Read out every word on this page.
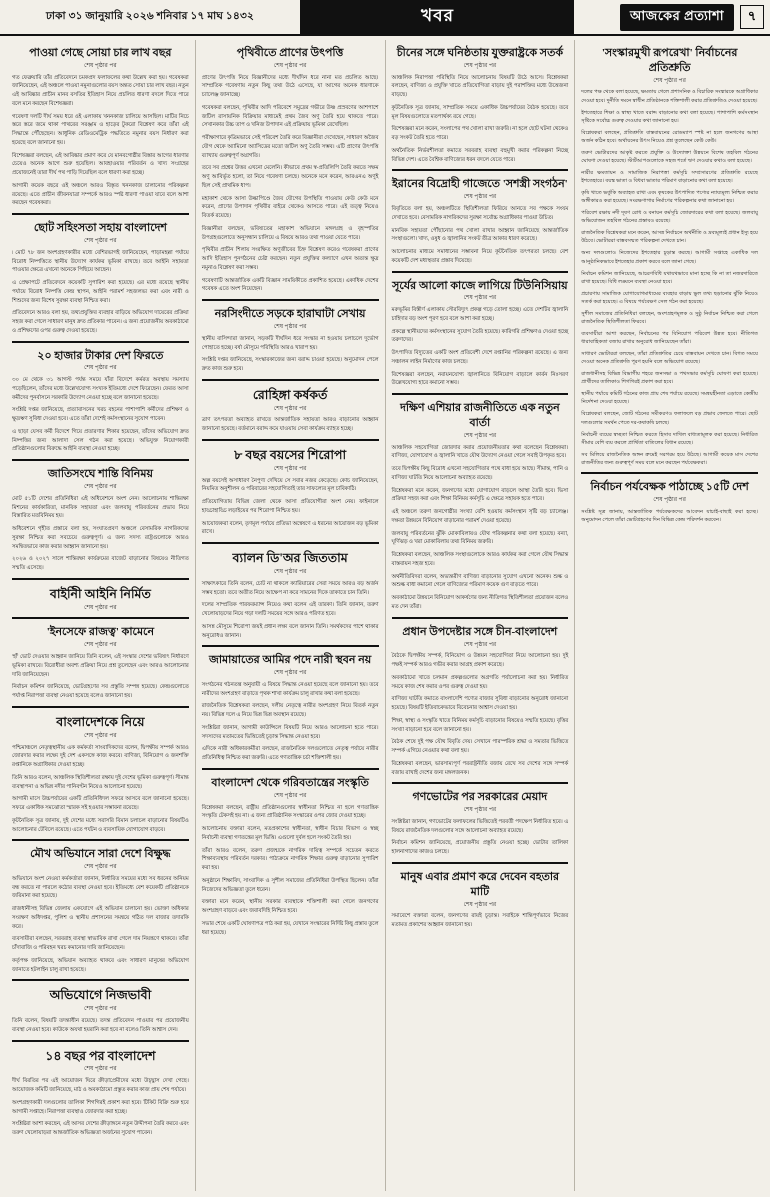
ঢাকা ৩১ জানুয়ারি ২০২৬ শনিবার ১৭ মাঘ ১৪৩২	খবর	আজকের প্রত্যাশা	৭
পাওয়া গেছে সোয়া চার লাখ বছর
শেষ পৃষ্ঠার পর

গত ফেব্রুয়ারি তাঁর প্রতিবেদনে চমকপ্রদ ফলাফলের কথা উল্লেখ করা হয়। গবেষকরা জানিয়েছেন, এই অঞ্চলে পাওয়া নমুনাগুলোর বয়স অন্তত সোয়া চার লাখ বছর। নতুন এই আবিষ্কার প্রাচীন মানব বসতির ইতিহাস নিয়ে প্রচলিত ধারণা বদলে দিতে পারে বলে মনে করছেন বিশেষজ্ঞরা।

গবেষণা দলটি দীর্ঘ সময় ধরে ওই এলাকায় খননকাজ চালিয়ে আসছিল। মাটির নিচে স্তরে স্তরে জমে থাকা পাথরের সরঞ্জাম ও হাড়ের টুকরো বিশ্লেষণ করে তাঁরা এই সিদ্ধান্তে পৌঁছেছেন। আধুনিক রেডিওমেট্রিক পদ্ধতিতে নমুনার বয়স নির্ধারণ করা হয়েছে বলে জানানো হয়।

বিশেষজ্ঞরা বলছেন, এই আবিষ্কার প্রমাণ করে যে মানবগোষ্ঠীর বিস্তার আগের ধারণার চেয়েও অনেক আগে শুরু হয়েছিল। আবহাওয়ার পরিবর্তন ও খাদ্য সংগ্রহের প্রয়োজনেই তারা দীর্ঘ পথ পাড়ি দিয়েছিল বলে ধারণা করা হচ্ছে।

আগামী কয়েক বছরে ওই অঞ্চলে আরও বিস্তৃত খননকাজ চালানোর পরিকল্পনা রয়েছে। এতে প্রাচীন জীবনযাত্রা সম্পর্কে আরও স্পষ্ট ধারণা পাওয়া যাবে বলে আশা করছেন গবেষকরা।

ছোট সহিংসতা সহায় বাংলাদেশ
শেষ পৃষ্ঠার পর

৷ মোট ৭৮ জন অংশগ্রহণকারীর মধ্যে বেশিরভাগই জানিয়েছেন, পাড়ামহল্লা পর্যায়ে বিরোধ নিষ্পত্তিতে স্থানীয় উদ্যোগ কার্যকর ভূমিকা রাখছে। তবে আইনি সহায়তা পাওয়ার ক্ষেত্রে এখনো অনেকে পিছিয়ে আছেন।

এ প্রেক্ষাপটে প্রতিবেদনে কয়েকটি সুপারিশ করা হয়েছে। এর মধ্যে রয়েছে স্থানীয় পর্যায়ে বিরোধ নিষ্পত্তি কেন্দ্র স্থাপন, আইনি পরামর্শ সহজলভ্য করা এবং নারী ও শিশুদের জন্য বিশেষ সুরক্ষা ব্যবস্থা নিশ্চিত করা।

প্রতিবেদনে আরও বলা হয়, তথ্যপ্রযুক্তির ব্যবহার বাড়িয়ে অভিযোগ দায়েরের প্রক্রিয়া সহজ করা গেলে সাধারণ মানুষ দ্রুত প্রতিকার পাবেন। এ জন্য প্রয়োজনীয় অবকাঠামো ও প্রশিক্ষণের ওপর গুরুত্ব দেওয়া হয়েছে।

২০ হাজার টাকার দেশ ফিরতে
শেষ পৃষ্ঠার পর

৩০ মে থেকে ৩১ আগস্ট পর্যন্ত সময়ে যাঁরা বিদেশে কর্মরত অবস্থায় সমস্যায় পড়েছিলেন, তাঁদের মধ্যে উল্লেখযোগ্য সংখ্যক ইতিমধ্যে দেশে ফিরেছেন। ফেরত আসা কর্মীদের পুনর্বাসনে সরকারি উদ্যোগ নেওয়া হচ্ছে বলে জানানো হয়েছে।

সংশ্লিষ্ট দপ্তর জানিয়েছে, প্রত্যাবাসনের খরচ বহনের পাশাপাশি কর্মীদের প্রশিক্ষণ ও ক্ষুদ্রঋণ সুবিধা দেওয়া হবে। এতে তাঁরা দেশেই কর্মসংস্থানের সুযোগ পাবেন।

এ ছাড়া যেসব কর্মী বিদেশে গিয়ে প্রতারণার শিকার হয়েছেন, তাঁদের অভিযোগ দ্রুত নিষ্পত্তির জন্য আলাদা সেল গঠন করা হয়েছে। অভিযুক্ত নিয়োগকারী প্রতিষ্ঠানগুলোর বিরুদ্ধে আইনি ব্যবস্থা নেওয়া হচ্ছে।

জাতিসংঘে শান্তি বিনিময়
শেষ পৃষ্ঠার পর

মোট ৫১টি দেশের প্রতিনিধিরা এই অধিবেশনে অংশ নেন। আলোচনায় শান্তিরক্ষা মিশনের কার্যকারিতা, মানবিক সহায়তা এবং জলবায়ু পরিবর্তনের প্রভাব নিয়ে বিস্তারিত মতবিনিময় হয়।

অধিবেশনে গৃহীত প্রস্তাবে বলা হয়, সংঘাতপ্রবণ অঞ্চলে বেসামরিক নাগরিকদের সুরক্ষা নিশ্চিত করা সবচেয়ে গুরুত্বপূর্ণ। এ জন্য সদস্য রাষ্ট্রগুলোকে আরও সমন্বিতভাবে কাজ করার আহ্বান জানানো হয়।

২০২৬ ও ২০২৭ সালে শান্তিরক্ষা কার্যক্রমের বাজেট বাড়ানোর বিষয়েও নীতিগত সম্মতি এসেছে।

বাইনিী আইনি নির্মিত
শেষ পৃষ্ঠার পর
'ইনসেফে রাজত্ব' কামেনে
শেষ পৃষ্ঠার পর

'হাঁ' ভোট দেওয়ার আহ্বান জানিয়ে তিনি বলেন, এই সংস্কার দেশের ভবিষ্যৎ নির্ধারণে ভূমিকা রাখবে। বিরোধীরা অবশ্য প্রক্রিয়া নিয়ে প্রশ্ন তুলেছেন এবং আরও আলোচনার দাবি জানিয়েছেন।

নির্বাচন কমিশন জানিয়েছে, ভোটগ্রহণের সব প্রস্তুতি সম্পন্ন হয়েছে। কেন্দ্রগুলোতে পর্যাপ্ত নিরাপত্তা ব্যবস্থা নেওয়া হয়েছে বলেও জানানো হয়।

বাংলাদেশকে নিয়ে
শেষ পৃষ্ঠার পর

পশ্চিমাঞ্চলে নেতৃত্বস্থানীয় এক কর্মকর্তা সাংবাদিকদের বলেন, দ্বিপক্ষীয় সম্পর্ক আরও জোরদার করার লক্ষ্যে দুই দেশ একসঙ্গে কাজ করবে। বাণিজ্য, বিনিয়োগ ও জনশক্তি রপ্তানিকে অগ্রাধিকার দেওয়া হচ্ছে।

তিনি আরও বলেন, আঞ্চলিক স্থিতিশীলতা রক্ষায় দুই দেশের ভূমিকা গুরুত্বপূর্ণ। সীমান্ত ব্যবস্থাপনা ও অভিন্ন নদীর পানিবণ্টন নিয়েও আলোচনা হয়েছে।

আগামী মাসে উচ্চপর্যায়ের একটি প্রতিনিধিদল সফরে আসবে বলে জানানো হয়েছে। সফরে একাধিক সমঝোতা স্মারক সই হওয়ার সম্ভাবনা রয়েছে।

কূটনৈতিক সূত্র জানায়, দুই দেশের মধ্যে সরাসরি বিমান চলাচল বাড়ানোর বিষয়টিও আলোচনার টেবিলে রয়েছে। এতে পর্যটন ও ব্যবসায়িক যোগাযোগ বাড়বে।

মৌখ অভিযানে সারা দেশে বিক্ষুদ্ধ
শেষ পৃষ্ঠার পর

অভিযানে অংশ নেওয়া কর্মকর্তারা জানান, নির্ধারিত সময়ের মধ্যে সব ধরনের অনিয়ম বন্ধ করতে না পারলে কঠোর ব্যবস্থা নেওয়া হবে। ইতিমধ্যে বেশ কয়েকটি প্রতিষ্ঠানকে জরিমানা করা হয়েছে।

রাজধানীসহ বিভিন্ন জেলায় একযোগে এই অভিযান চালানো হয়। ভোক্তা অধিকার সংরক্ষণ অধিদপ্তর, পুলিশ ও স্থানীয় প্রশাসনের সমন্বয়ে গঠিত দল বাজার তদারকি করে।

ব্যবসায়ীরা বলছেন, সরবরাহ ব্যবস্থা স্বাভাবিক রাখা গেলে দাম নিয়ন্ত্রণে থাকবে। তাঁরা চাঁদাবাজি ও পরিবহন খরচ কমানোর দাবি জানিয়েছেন।

কর্তৃপক্ষ জানিয়েছে, অভিযান অব্যাহত থাকবে এবং সাধারণ মানুষের অভিযোগ জানাতে হটলাইন চালু রাখা হয়েছে।

অভিযোগে নিজভাবী
শেষ পৃষ্ঠার পর

তিনি বলেন, বিষয়টি তদন্তাধীন রয়েছে। তদন্ত প্রতিবেদন পাওয়ার পর প্রয়োজনীয় ব্যবস্থা নেওয়া হবে। কাউকে অযথা হয়রানি করা হবে না বলেও তিনি আশ্বাস দেন।

১৪ বছর পর বাংলাদেশ
শেষ পৃষ্ঠার পর

দীর্ঘ বিরতির পর এই আয়োজন ঘিরে ক্রীড়াপ্রেমীদের মধ্যে উচ্ছ্বাস দেখা গেছে। আয়োজক কমিটি জানিয়েছে, মাঠ ও অবকাঠামো প্রস্তুত করার কাজ প্রায় শেষ পর্যায়ে।

অংশগ্রহণকারী দলগুলোর তালিকা শিগগিরই প্রকাশ করা হবে। টিকিট বিক্রি শুরু হবে আগামী সপ্তাহে। নিরাপত্তা ব্যবস্থাও জোরদার করা হচ্ছে।

সংশ্লিষ্টরা আশা করছেন, এই আসর দেশের ক্রীড়াঙ্গনে নতুন উদ্দীপনা তৈরি করবে এবং তরুণ খেলোয়াড়রা আন্তর্জাতিক অভিজ্ঞতা অর্জনের সুযোগ পাবেন।

পৃথিবীতে প্রাণের উৎপত্তি
শেষ পৃষ্ঠার পর

প্রাণের উৎপত্তি নিয়ে বিজ্ঞানীদের মধ্যে দীর্ঘদিন ধরে নানা মত প্রচলিত আছে। সাম্প্রতিক গবেষণায় নতুন কিছু তথ্য উঠে এসেছে, যা আগের অনেক ধারণাকে চ্যালেঞ্জ জানাচ্ছে।

গবেষকরা বলছেন, পৃথিবীর আদি পরিবেশে সমুদ্রের গভীরে উষ্ণ প্রস্রবণের আশপাশে জটিল রাসায়নিক বিক্রিয়ার মাধ্যমেই প্রথম জৈব অণু তৈরি হয়ে থাকতে পারে। সেখানকার উচ্চ তাপ ও খনিজ উপাদান এই প্রক্রিয়ায় ভূমিকা রেখেছিল।

পরীক্ষাগারে কৃত্রিমভাবে সেই পরিবেশ তৈরি করে বিজ্ঞানীরা দেখেছেন, সাধারণ অজৈব যৌগ থেকে অ্যামিনো অ্যাসিডের মতো জটিল অণু তৈরি সম্ভব। এটি প্রাণের উৎপত্তি ব্যাখ্যায় গুরুত্বপূর্ণ অগ্রগতি।

তবে সব প্রশ্নের উত্তর এখনো মেলেনি। কীভাবে প্রথম স্ব-প্রতিলিপি তৈরি করতে সক্ষম অণু আবির্ভূত হলো, তা নিয়ে গবেষণা চলছে। অনেকে মনে করেন, আরএনএ অণুই ছিল সেই প্রাথমিক ধাপ।

মহাকাশ থেকে আসা উল্কাপিণ্ডে জৈব যৌগের উপস্থিতি পাওয়ায় কেউ কেউ মনে করেন, প্রাণের উপাদান পৃথিবীর বাইরে থেকেও আসতে পারে। এই তত্ত্ব নিয়েও বিতর্ক রয়েছে।

বিজ্ঞানীরা বলছেন, ভবিষ্যতের মহাকাশ অভিযানে মঙ্গলগ্রহ ও বৃহস্পতির উপগ্রহগুলোতে অনুসন্ধান চালিয়ে এ বিষয়ে আরও তথ্য পাওয়া যেতে পারে।

পৃথিবীর প্রাচীন শিলায় সংরক্ষিত অণুজীবের চিহ্ন বিশ্লেষণ করেও গবেষকরা প্রাণের আদি ইতিহাস পুনর্গঠনের চেষ্টা করছেন। নতুন প্রযুক্তির কল্যাণে এখন অত্যন্ত ক্ষুদ্র নমুনাও বিশ্লেষণ করা সম্ভব।

গবেষণাটি আন্তর্জাতিক একটি বিজ্ঞান সাময়িকীতে প্রকাশিত হয়েছে। একাধিক দেশের গবেষক এতে অংশ নিয়েছেন।

নরসিংদীতে সড়কে হারাঘাটা সেখায়
শেষ পৃষ্ঠার পর

স্থানীয় বাসিন্দারা জানান, সড়কটি দীর্ঘদিন ধরে সংস্কার না হওয়ায় চলাচলে দুর্ভোগ পোহাতে হচ্ছে। বর্ষা মৌসুমে পরিস্থিতি আরও খারাপ হয়।

সংশ্লিষ্ট দপ্তর জানিয়েছে, সংস্কারকাজের জন্য বরাদ্দ চাওয়া হয়েছে। অনুমোদন পেলে দ্রুত কাজ শুরু হবে।

রোহিঙ্গা কৰ্ষকর্ত
শেষ পৃষ্ঠার পর

ত্রাণ তৎপরতা অব্যাহত রাখতে আন্তর্জাতিক সহায়তা আরও বাড়ানোর আহ্বান জানানো হয়েছে। বর্তমানে বরাদ্দ কমে যাওয়ায় সেবা কার্যক্রম ব্যাহত হচ্ছে।

৮ বছর বয়সের শিরোপা
শেষ পৃষ্ঠার পর

অল্প বয়সেই অসাধারণ নৈপুণ্য দেখিয়ে সে সবার নজর কেড়েছে। কোচ জানিয়েছেন, নিয়মিত অনুশীলন ও পরিবারের সহযোগিতাই তার সাফল্যের মূল চাবিকাঠি।

প্রতিযোগিতায় বিভিন্ন জেলা থেকে আসা প্রতিযোগীরা অংশ নেয়। ফাইনালে হাড্ডাহাড্ডি লড়াইয়ের পর শিরোপা নিশ্চিত হয়।

আয়োজকরা বলেন, তৃণমূল পর্যায়ে প্রতিভা অন্বেষণে এ ধরনের আয়োজন বড় ভূমিকা রাখে।

ব্যালন ডি'অর জিততাম
শেষ পৃষ্ঠার পর

সাক্ষাৎকারে তিনি বলেন, চোট না থাকলে ক্যারিয়ারের সেরা সময়ে আরও বড় অর্জন সম্ভব হতো। তবে অতীত নিয়ে আক্ষেপ না করে সামনের দিকে তাকাতে চান তিনি।

দলের সাম্প্রতিক পারফরম্যান্স নিয়েও কথা বলেন এই তারকা। তিনি জানান, তরুণ খেলোয়াড়দের নিয়ে গড়া দলটি সময়ের সঙ্গে আরও পরিণত হবে।

আসন্ন মৌসুমে শিরোপা জয়ই প্রধান লক্ষ্য বলে জানান তিনি। সমর্থকদের পাশে থাকার অনুরোধও জানান।

জামায়াতের আমির পদে নারী স্থবন নয়
শেষ পৃষ্ঠার পর

সংগঠনের গঠনতন্ত্র অনুযায়ী এ বিষয়ে সিদ্ধান্ত নেওয়া হয়েছে বলে জানানো হয়। তবে নারীদের অংশগ্রহণ বাড়াতে পৃথক শাখা কার্যক্রম চালু রাখার কথা বলা হয়েছে।

রাজনৈতিক বিশ্লেষকরা বলছেন, দলীয় নেতৃত্বে নারীর অংশগ্রহণ নিয়ে বিতর্ক নতুন নয়। বিভিন্ন দলে এ নিয়ে ভিন্ন ভিন্ন অবস্থান রয়েছে।

সংশ্লিষ্টরা জানান, আগামী কাউন্সিলে বিষয়টি নিয়ে আরও আলোচনা হতে পারে। সদস্যদের মতামতের ভিত্তিতেই চূড়ান্ত সিদ্ধান্ত নেওয়া হবে।

এদিকে নারী অধিকারকর্মীরা বলছেন, রাজনৈতিক দলগুলোতে নেতৃত্ব পর্যায়ে নারীর প্রতিনিধিত্ব নিশ্চিত করা জরুরি। এতে গণতান্ত্রিক চর্চা শক্তিশালী হয়।

বাংলাদেশ থেকে গরিবতান্ত্রের সংস্কৃতি
শেষ পৃষ্ঠার পর

বিশ্লেষকরা বলছেন, রাষ্ট্রীয় প্রতিষ্ঠানগুলোর স্বাধীনতা নিশ্চিত না হলে গণতান্ত্রিক সংস্কৃতি টেকসই হয় না। এ জন্য প্রাতিষ্ঠানিক সংস্কারের ওপর জোর দেওয়া হচ্ছে।

আলোচনায় বক্তারা বলেন, মতপ্রকাশের স্বাধীনতা, স্বাধীন বিচার বিভাগ ও স্বচ্ছ নির্বাচনী ব্যবস্থা গণতন্ত্রের মূল ভিত্তি। এগুলো দুর্বল হলে সংকট তৈরি হয়।

তাঁরা আরও বলেন, তরুণ প্রজন্মকে নাগরিক দায়িত্ব সম্পর্কে সচেতন করতে শিক্ষাব্যবস্থায় পরিবর্তন দরকার। পাঠ্যক্রমে নাগরিক শিক্ষার গুরুত্ব বাড়ানোর সুপারিশ করা হয়।

অনুষ্ঠানে শিক্ষাবিদ, সাংবাদিক ও সুশীল সমাজের প্রতিনিধিরা উপস্থিত ছিলেন। তাঁরা নিজেদের অভিজ্ঞতা তুলে ধরেন।

বক্তারা মনে করেন, স্থানীয় সরকার ব্যবস্থাকে শক্তিশালী করা গেলে জনগণের অংশগ্রহণ বাড়বে এবং জবাবদিহি নিশ্চিত হবে।

সভার শেষে একটি ঘোষণাপত্র পাঠ করা হয়, যেখানে সংস্কারের নির্দিষ্ট কিছু প্রস্তাব তুলে ধরা হয়েছে।

চীনের সঙ্গে ঘনিষ্ঠতায় যুক্তরাষ্ট্রকে সতর্ক
শেষ পৃষ্ঠার পর

আঞ্চলিক নিরাপত্তা পরিস্থিতি নিয়ে আলোচনায় বিষয়টি উঠে আসে। বিশ্লেষকরা বলছেন, বাণিজ্য ও প্রযুক্তি খাতে প্রতিযোগিতা বাড়ায় দুই পরাশক্তির মধ্যে উত্তেজনা বাড়ছে।

কূটনৈতিক সূত্র জানায়, সাম্প্রতিক সময়ে একাধিক উচ্চপর্যায়ের বৈঠক হয়েছে। তবে মূল বিষয়গুলোতে মতপার্থক্য রয়ে গেছে।

বিশেষজ্ঞরা মনে করেন, সংলাপের পথ খোলা রাখা জরুরি। না হলে ছোট ঘটনা থেকেও বড় সংকট তৈরি হতে পারে।

অর্থনৈতিক নির্ভরশীলতা কমাতে সরবরাহ ব্যবস্থা বহুমুখী করার পরিকল্পনা নিচ্ছে বিভিন্ন দেশ। এতে বৈশ্বিক বাণিজ্যের ধরন বদলে যেতে পারে।

ইরানের বিদ্রোহী গাজেতে 'সশস্ত্রী সংগঠন'
শেষ পৃষ্ঠার পর

বিবৃতিতে বলা হয়, অঞ্চলটিতে স্থিতিশীলতা ফিরিয়ে আনতে সব পক্ষকে সংযম দেখাতে হবে। বেসামরিক নাগরিকদের সুরক্ষা সর্বোচ্চ অগ্রাধিকার পাওয়া উচিত।

মানবিক সহায়তা পৌঁছানোর পথ খোলা রাখার আহ্বান জানিয়েছে আন্তর্জাতিক সংস্থাগুলো। খাদ্য, ওষুধ ও জ্বালানির সংকট তীব্র আকার ধারণ করেছে।

আলোচনার মাধ্যমে সমাধানের সম্ভাবনা নিয়ে কূটনৈতিক তৎপরতা চলছে। বেশ কয়েকটি দেশ মধ্যস্থতার প্রস্তাব দিয়েছে।

সূর্যের আলো কাজে লাগিয়ে টিউনিসিয়ায়
শেষ পৃষ্ঠার পর

মরুভূমির বিস্তীর্ণ এলাকায় সৌরবিদ্যুৎ প্রকল্প গড়ে তোলা হচ্ছে। এতে দেশটির জ্বালানি চাহিদার বড় অংশ পূরণ হবে বলে আশা করা হচ্ছে।

প্রকল্পে স্থানীয়দের কর্মসংস্থানের সুযোগ তৈরি হয়েছে। কারিগরি প্রশিক্ষণও দেওয়া হচ্ছে তরুণদের।

উৎপাদিত বিদ্যুতের একটি অংশ প্রতিবেশী দেশে রপ্তানির পরিকল্পনা রয়েছে। এ জন্য সঞ্চালন লাইন নির্মাণের কাজ চলছে।

বিশেষজ্ঞরা বলছেন, নবায়নযোগ্য জ্বালানিতে বিনিয়োগ বাড়ালে কার্বন নিঃসরণ উল্লেখযোগ্য হারে কমানো সম্ভব।

দক্ষিণ এশিয়ার রাজনীতিতে এক নতুন বার্তা
শেষ পৃষ্ঠার পর

আঞ্চলিক সহযোগিতা জোরদার করার প্রয়োজনীয়তার কথা বলেছেন বিশ্লেষকরা। বাণিজ্য, যোগাযোগ ও জ্বালানি খাতে যৌথ উদ্যোগ নেওয়া গেলে সবাই উপকৃত হবে।

তবে দ্বিপক্ষীয় কিছু বিরোধ এখনো সহযোগিতার পথে বাধা হয়ে আছে। সীমান্ত, পানি ও বাণিজ্য ঘাটতি নিয়ে আলোচনা অব্যাহত রয়েছে।

বিশ্লেষকরা মনে করেন, জনগণের মধ্যে যোগাযোগ বাড়লে আস্থা তৈরি হবে। ভিসা প্রক্রিয়া সহজ করা এবং শিক্ষা বিনিময় কর্মসূচি এ ক্ষেত্রে সহায়ক হতে পারে।

এই অঞ্চলে তরুণ জনগোষ্ঠীর সংখ্যা বেশি হওয়ায় কর্মসংস্থান সৃষ্টি বড় চ্যালেঞ্জ। দক্ষতা উন্নয়নে বিনিয়োগ বাড়ানোর পরামর্শ দেওয়া হয়েছে।

জলবায়ু পরিবর্তনের ঝুঁকি মোকাবিলায়ও যৌথ পরিকল্পনার কথা বলা হয়েছে। বন্যা, ঘূর্ণিঝড় ও খরা মোকাবিলায় তথ্য বিনিময় জরুরি।

বিশ্লেষকরা বলছেন, আঞ্চলিক সংস্থাগুলোকে আরও কার্যকর করা গেলে যৌথ সিদ্ধান্ত বাস্তবায়ন সহজ হবে।

অর্থনীতিবিদরা বলেন, অভ্যন্তরীণ বাণিজ্য বাড়ানোর সুযোগ এখনো অনেক। শুল্ক ও অশুল্ক বাধা কমানো গেলে বাণিজ্যের পরিমাণ কয়েক গুণ বাড়তে পারে।

অবকাঠামো উন্নয়নে বিনিয়োগ আকর্ষণের জন্য নীতিগত স্থিতিশীলতা প্রয়োজন বলেও মত দেন তাঁরা।

প্রধান উপদেষ্টার সঙ্গে চীন-বাংলাদেশ
শেষ পৃষ্ঠার পর

বৈঠকে দ্বিপক্ষীয় সম্পর্ক, বিনিয়োগ ও উন্নয়ন সহযোগিতা নিয়ে আলোচনা হয়। দুই পক্ষই সম্পর্ক আরও গভীর করার আগ্রহ প্রকাশ করেছে।

অবকাঠামো খাতে চলমান প্রকল্পগুলোর অগ্রগতি পর্যালোচনা করা হয়। নির্ধারিত সময়ে কাজ শেষ করার ওপর গুরুত্ব দেওয়া হয়।

বাণিজ্য ঘাটতি কমাতে বাংলাদেশি পণ্যের বাজার সুবিধা বাড়ানোর অনুরোধ জানানো হয়েছে। বিষয়টি ইতিবাচকভাবে বিবেচনার আশ্বাস দেওয়া হয়।

শিক্ষা, স্বাস্থ্য ও সংস্কৃতি খাতে বিনিময় কর্মসূচি বাড়ানোর বিষয়েও সম্মতি হয়েছে। বৃত্তির সংখ্যা বাড়ানো হবে বলে জানানো হয়।

বৈঠক শেষে দুই পক্ষ যৌথ বিবৃতি দেয়। সেখানে পারস্পরিক শ্রদ্ধা ও সমতার ভিত্তিতে সম্পর্ক এগিয়ে নেওয়ার কথা বলা হয়।

বিশ্লেষকরা বলছেন, ভারসাম্যপূর্ণ পররাষ্ট্রনীতি বজায় রেখে সব দেশের সঙ্গে সম্পর্ক বজায় রাখাই দেশের জন্য মঙ্গলজনক।

গণভোটের পর সরকারের মেয়াদ
শেষ পৃষ্ঠার পর

সংশ্লিষ্টরা জানান, গণভোটের ফলাফলের ভিত্তিতেই পরবর্তী পদক্ষেপ নির্ধারিত হবে। এ বিষয়ে রাজনৈতিক দলগুলোর সঙ্গে আলোচনা অব্যাহত রয়েছে।

নির্বাচন কমিশন জানিয়েছে, প্রয়োজনীয় প্রস্তুতি নেওয়া হচ্ছে। ভোটার তালিকা হালনাগাদের কাজও চলছে।

মানুষ এবার প্রমাণ করে দেবেন বহতার মাটি
শেষ পৃষ্ঠার পর

সমাবেশে বক্তারা বলেন, জনগণের রায়ই চূড়ান্ত। সবাইকে শান্তিপূর্ণভাবে নিজের মতামত প্রকাশের আহ্বান জানানো হয়।

'সংস্কারমুখী রূপরেখা' নির্বাচনের প্রতিশ্রুতি
শেষ পৃষ্ঠার পর

দলের পক্ষ থেকে বলা হয়েছে, ক্ষমতায় গেলে প্রশাসনিক ও বিচারিক সংস্কারকে অগ্রাধিকার দেওয়া হবে। দুর্নীতি দমনে স্বাধীন প্রতিষ্ঠানকে শক্তিশালী করার প্রতিশ্রুতিও দেওয়া হয়েছে।

ইশতেহারে শিক্ষা ও স্বাস্থ্য খাতে বরাদ্দ বাড়ানোর কথা বলা হয়েছে। পাশাপাশি কর্মসংস্থান সৃষ্টিকে সর্বোচ্চ গুরুত্ব দেওয়ার কথা জানানো হয়।

বিশ্লেষকরা বলছেন, প্রতিশ্রুতি বাস্তবায়নের রোডম্যাপ স্পষ্ট না হলে জনগণের আস্থা অর্জন কঠিন হবে। অর্থায়নের উৎস নিয়েও প্রশ্ন তুলেছেন কেউ কেউ।

তরুণ ভোটারদের আকৃষ্ট করতে প্রযুক্তি ও উদ্যোক্তা উন্নয়নে বিশেষ তহবিল গঠনের ঘোষণা দেওয়া হয়েছে। স্টার্টআপগুলোকে সহজ শর্তে ঋণ দেওয়ার কথাও বলা হয়েছে।

নারীর ক্ষমতায়ন ও সামাজিক নিরাপত্তা কর্মসূচি সম্প্রসারণের প্রতিশ্রুতি রয়েছে ইশতেহারে। বয়স্ক ভাতা ও বিধবা ভাতার পরিমাণ বাড়ানোর কথা বলা হয়েছে।

কৃষি খাতে ভর্তুকি অব্যাহত রাখা এবং কৃষকের উৎপাদিত পণ্যের ন্যায্যমূল্য নিশ্চিত করার অঙ্গীকারও করা হয়েছে। সংরক্ষণাগার নির্মাণের পরিকল্পনার কথা জানানো হয়।

পরিবেশ রক্ষায় নদী দূষণ রোধ ও বনায়ন কর্মসূচি জোরদারের কথা বলা হয়েছে। জলবায়ু অভিযোজন তহবিল গঠনের প্রস্তাবও রয়েছে।

রাজনৈতিক বিশ্লেষকরা মনে করেন, আসন্ন নির্বাচনে অর্থনীতি ও দ্রব্যমূল্যই প্রধান ইস্যু হয়ে উঠবে। ভোটাররা বাস্তবসম্মত পরিকল্পনা দেখতে চান।

অন্য দলগুলোও নিজেদের ইশতেহার চূড়ান্ত করছে। আগামী সপ্তাহে একাধিক দল আনুষ্ঠানিকভাবে ইশতেহার প্রকাশ করবে বলে জানা গেছে।

নির্বাচন কমিশন জানিয়েছে, আচরণবিধি যথাযথভাবে মানা হচ্ছে কি না তা নজরদারিতে রাখা হয়েছে। বিধি লঙ্ঘনে ব্যবস্থা নেওয়া হবে।

প্রচারণায় সামাজিক যোগাযোগমাধ্যমের ব্যবহার বাড়ায় ভুল তথ্য ছড়ানোর ঝুঁকি নিয়েও সতর্ক করা হয়েছে। এ বিষয়ে পর্যবেক্ষণ সেল গঠন করা হয়েছে।

সুশীল সমাজের প্রতিনিধিরা বলছেন, অংশগ্রহণমূলক ও সুষ্ঠু নির্বাচন নিশ্চিত করা গেলে রাজনৈতিক স্থিতিশীলতা ফিরবে।

ব্যবসায়ীরা আশা করছেন, নির্বাচনের পর বিনিয়োগ পরিবেশ উন্নত হবে। নীতিগত ধারাবাহিকতা বজায় রাখার অনুরোধ জানিয়েছেন তাঁরা।

সাধারণ ভোটাররা বলছেন, তাঁরা প্রতিশ্রুতির চেয়ে বাস্তবায়ন দেখতে চান। বিগত সময়ে দেওয়া অনেক প্রতিশ্রুতি পূরণ হয়নি বলে অভিযোগ রয়েছে।

রাজধানীসহ বিভিন্ন বিভাগীয় শহরে জনসভা ও পথসভার কর্মসূচি ঘোষণা করা হয়েছে। প্রার্থীদের তালিকাও শিগগিরই প্রকাশ করা হবে।

স্থানীয় পর্যায়ে কমিটি গঠনের কাজ প্রায় শেষ পর্যায়ে রয়েছে। সমন্বয়হীনতা এড়াতে কেন্দ্রীয় নির্দেশনা দেওয়া হয়েছে।

বিশ্লেষকরা বলছেন, জোট গঠনের সমীকরণও ফলাফলে বড় প্রভাব ফেলতে পারে। ছোট দলগুলোর সমর্থন পেতে দর-কষাকষি চলছে।

নির্বাচনী ব্যয়ের স্বচ্ছতা নিশ্চিত করতে হিসাব দাখিল বাধ্যতামূলক করা হয়েছে। নির্ধারিত সীমার বেশি ব্যয় করলে প্রার্থিতা বাতিলের বিধান রয়েছে।

সব মিলিয়ে রাজনৈতিক অঙ্গন ক্রমেই সরগরম হয়ে উঠছে। আগামী কয়েক মাস দেশের রাজনীতির জন্য গুরুত্বপূর্ণ সময় বলে মনে করছেন পর্যবেক্ষকরা।

নির্বাচন পর্যবেক্ষক পাঠাচ্ছে ১৫টি দেশ
শেষ পৃষ্ঠার পর

সংশ্লিষ্ট সূত্র জানায়, আন্তর্জাতিক পর্যবেক্ষকদের আবেদন যাচাই-বাছাই করা হচ্ছে। অনুমোদন পেলে তাঁরা ভোটগ্রহণের দিন বিভিন্ন কেন্দ্র পরিদর্শন করবেন।
